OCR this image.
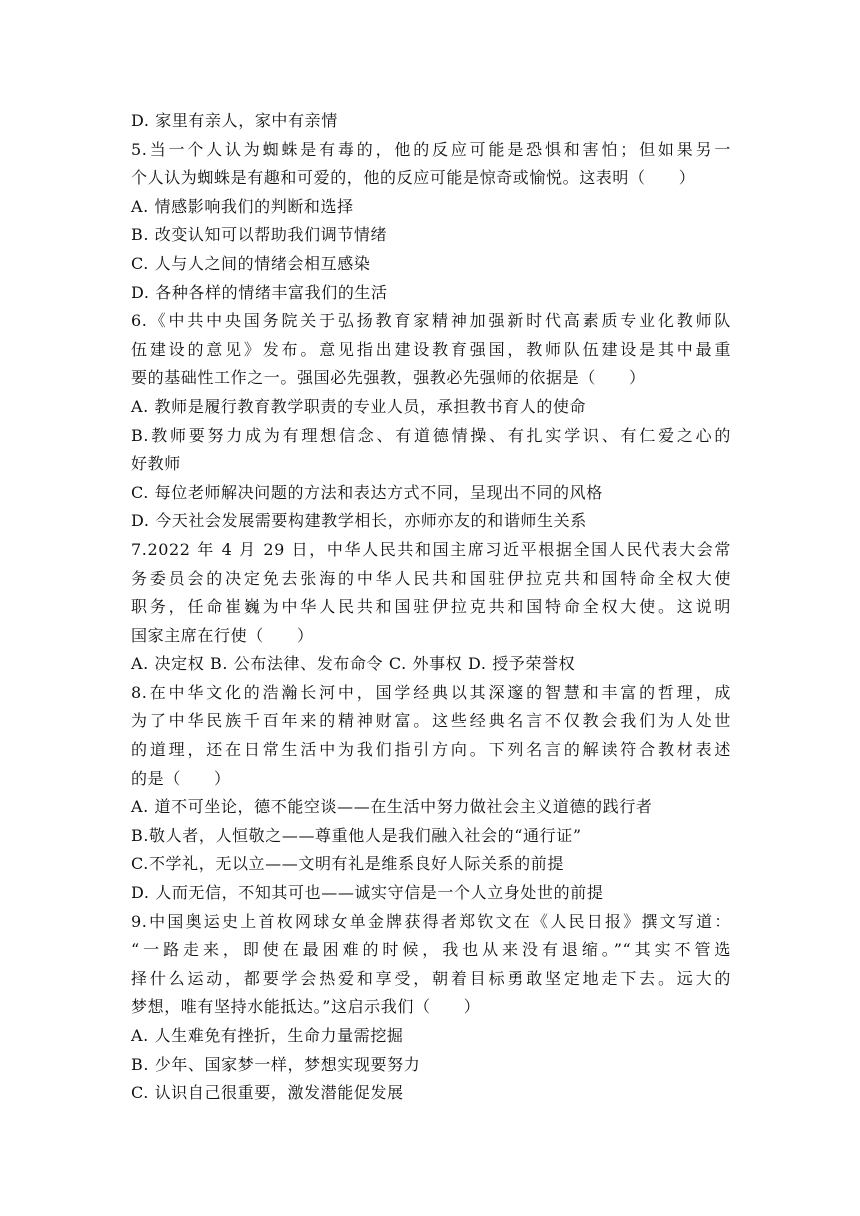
D. 家里有亲人，家中有亲情
5.当一个人认为蜘蛛是有毒的，他的反应可能是恐惧和害怕；但如果另一
个人认为蜘蛛是有趣和可爱的，他的反应可能是惊奇或愉悦。这表明（　　）
A. 情感影响我们的判断和选择
B. 改变认知可以帮助我们调节情绪
C. 人与人之间的情绪会相互感染
D. 各种各样的情绪丰富我们的生活
6.《中共中央国务院关于弘扬教育家精神加强新时代高素质专业化教师队
伍建设的意见》发布。意见指出建设教育强国，教师队伍建设是其中最重
要的基础性工作之一。强国必先强教，强教必先强师的依据是（　　）
A. 教师是履行教育教学职责的专业人员，承担教书育人的使命
B.教师要努力成为有理想信念、有道德情操、有扎实学识、有仁爱之心的
好教师
C. 每位老师解决问题的方法和表达方式不同，呈现出不同的风格
D. 今天社会发展需要构建教学相长，亦师亦友的和谐师生关系
7.2022 年 4 月 29 日，中华人民共和国主席习近平根据全国人民代表大会常
务委员会的决定免去张海的中华人民共和国驻伊拉克共和国特命全权大使
职务，任命崔巍为中华人民共和国驻伊拉克共和国特命全权大使。这说明
国家主席在行使（　　）
A. 决定权 B. 公布法律、发布命令 C. 外事权 D. 授予荣誉权
8.在中华文化的浩瀚长河中，国学经典以其深邃的智慧和丰富的哲理，成
为了中华民族千百年来的精神财富。这些经典名言不仅教会我们为人处世
的道理，还在日常生活中为我们指引方向。下列名言的解读符合教材表述
的是（　　）
A. 道不可坐论，德不能空谈——在生活中努力做社会主义道德的践行者
B.敬人者，人恒敬之——尊重他人是我们融入社会的“通行证”
C.不学礼，无以立——文明有礼是维系良好人际关系的前提
D. 人而无信，不知其可也——诚实守信是一个人立身处世的前提
9.中国奥运史上首枚网球女单金牌获得者郑钦文在《人民日报》撰文写道：
“一路走来，即使在最困难的时候，我也从来没有退缩。”“其实不管选
择什么运动，都要学会热爱和享受，朝着目标勇敢坚定地走下去。远大的
梦想，唯有坚持水能抵达。”这启示我们（　　）
A. 人生难免有挫折，生命力量需挖掘
B. 少年、国家梦一样，梦想实现要努力
C. 认识自己很重要，激发潜能促发展
